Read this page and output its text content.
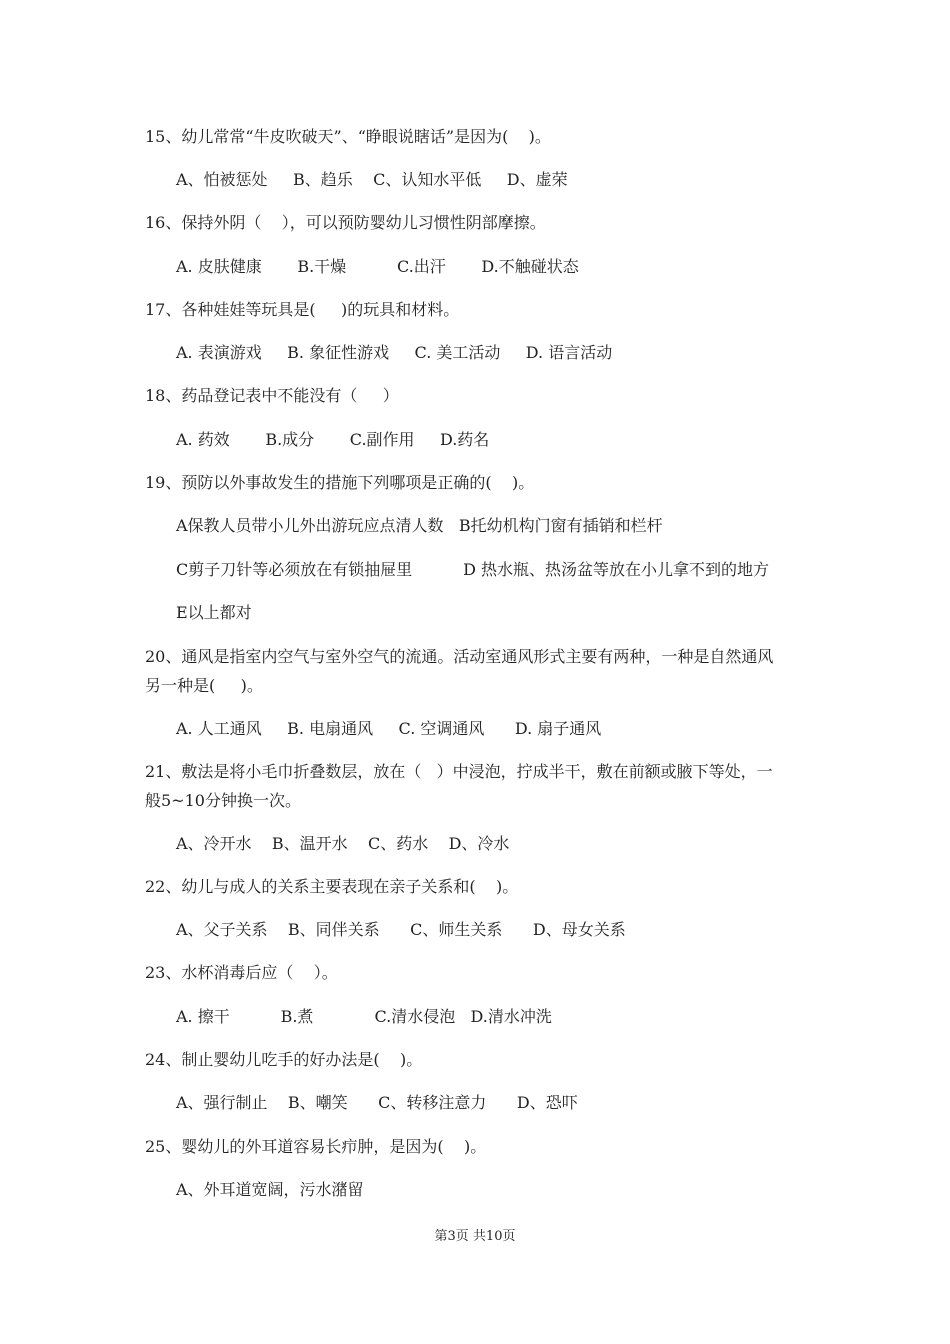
15、幼儿常常“牛皮吹破天”、“睁眼说瞎话”是因为(    )。
A、怕被惩处     B、趋乐    C、认知水平低     D、虚荣
16、保持外阴（    ），可以预防婴幼儿习惯性阴部摩擦。
A. 皮肤健康       B.干燥          C.出汗       D.不触碰状态
17、各种娃娃等玩具是(     )的玩具和材料。
A. 表演游戏     B. 象征性游戏     C. 美工活动     D. 语言活动
18、药品登记表中不能没有（     ）
A. 药效       B.成分       C.副作用     D.药名
19、预防以外事故发生的措施下列哪项是正确的(    )。
A保教人员带小儿外出游玩应点清人数   B托幼机构门窗有插销和栏杆
C剪子刀针等必须放在有锁抽屉里          D 热水瓶、热汤盆等放在小儿拿不到的地方
E以上都对
20、通风是指室内空气与室外空气的流通。活动室通风形式主要有两种，一种是自然通风
另一种是(     )。
A. 人工通风     B. 电扇通风     C. 空调通风      D. 扇子通风
21、敷法是将小毛巾折叠数层，放在（   ）中浸泡，拧成半干，敷在前额或腋下等处，一
般5~10分钟换一次。
A、冷开水    B、温开水    C、药水    D、冷水
22、幼儿与成人的关系主要表现在亲子关系和(    )。
A、父子关系    B、同伴关系      C、师生关系      D、母女关系
23、水杯消毒后应（    ）。
A. 擦干          B.煮            C.清水侵泡   D.清水冲洗
24、制止婴幼儿吃手的好办法是(    )。
A、强行制止    B、嘲笑      C、转移注意力      D、恐吓
25、婴幼儿的外耳道容易长疖肿，是因为(    )。
A、外耳道宽阔，污水潴留
第3页 共10页
